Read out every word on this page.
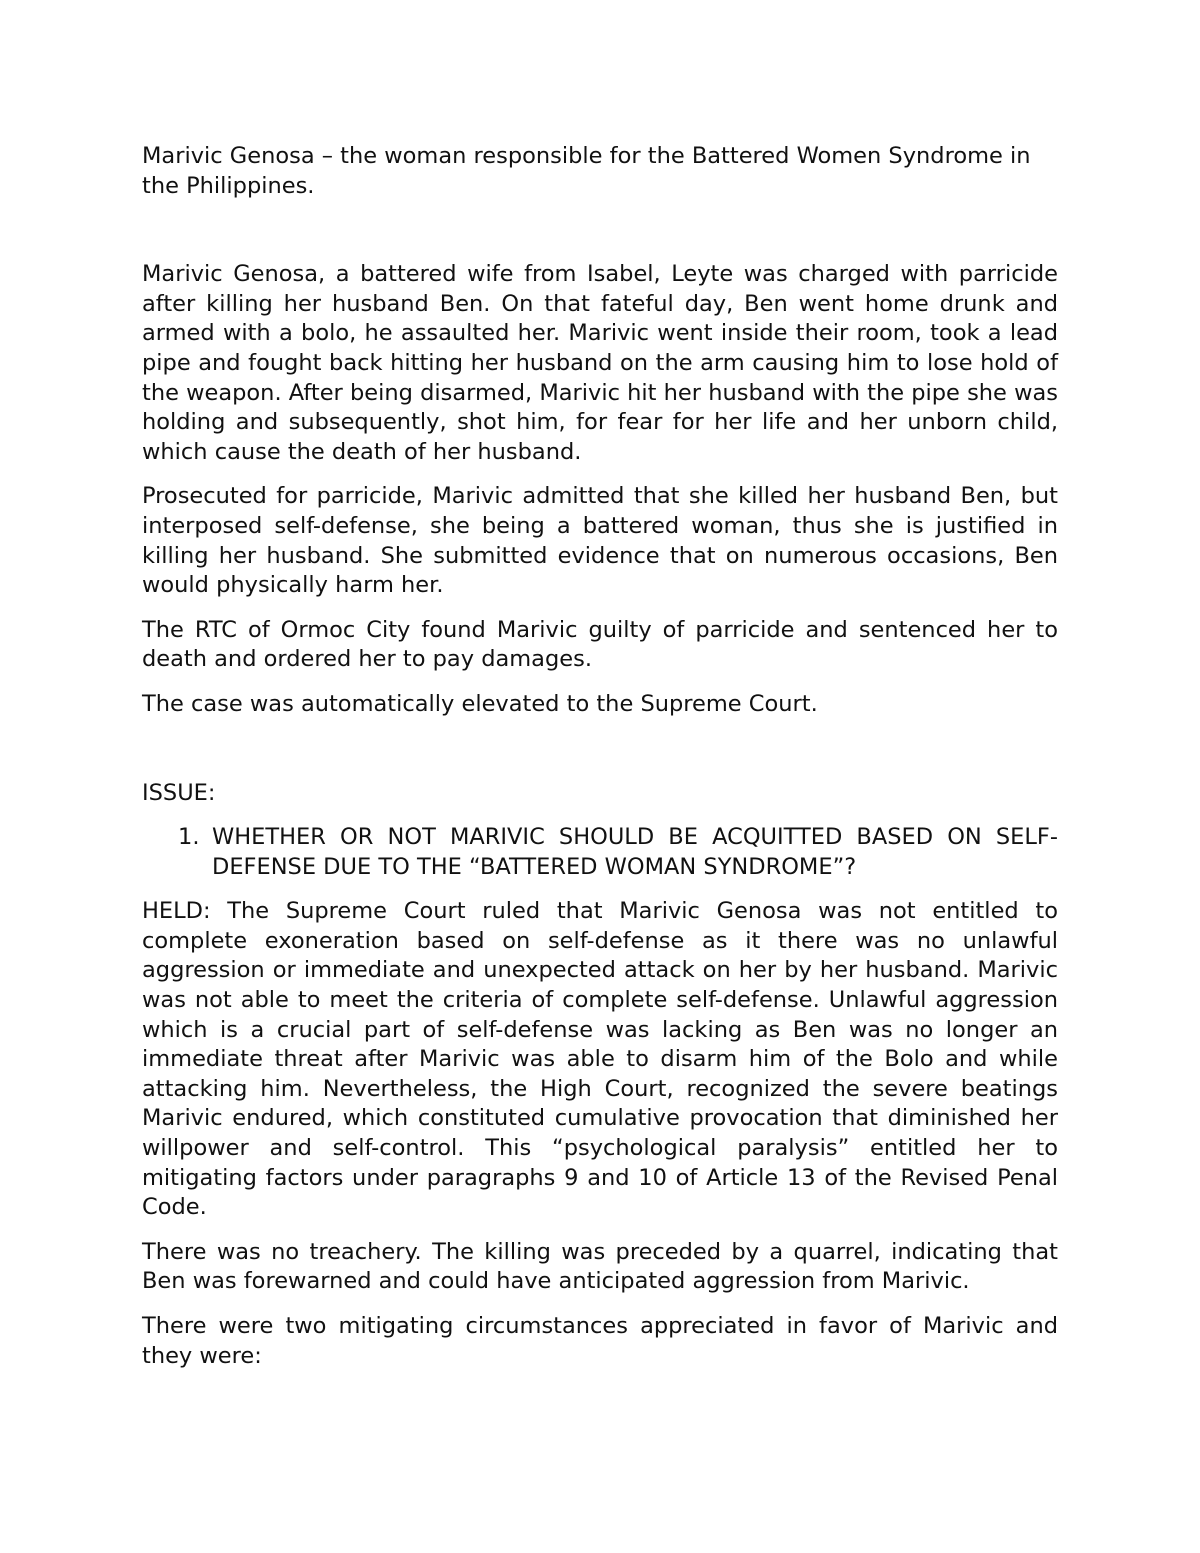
Marivic Genosa – the woman responsible for the Battered Women Syndrome in the Philippines.

Marivic Genosa, a battered wife from Isabel, Leyte was charged with parricide after killing her husband Ben. On that fateful day, Ben went home drunk and armed with a bolo, he assaulted her. Marivic went inside their room, took a lead pipe and fought back hitting her husband on the arm causing him to lose hold of the weapon. After being disarmed, Marivic hit her husband with the pipe she was holding and subsequently, shot him, for fear for her life and her unborn child, which cause the death of her husband.

Prosecuted for parricide, Marivic admitted that she killed her husband Ben, but interposed self-defense, she being a battered woman, thus she is justified in killing her husband. She submitted evidence that on numerous occasions, Ben would physically harm her.

The RTC of Ormoc City found Marivic guilty of parricide and sentenced her to death and ordered her to pay damages.

The case was automatically elevated to the Supreme Court.

ISSUE:

1. WHETHER OR NOT MARIVIC SHOULD BE ACQUITTED BASED ON SELF-DEFENSE DUE TO THE “BATTERED WOMAN SYNDROME”?

HELD: The Supreme Court ruled that Marivic Genosa was not entitled to complete exoneration based on self-defense as it there was no unlawful aggression or immediate and unexpected attack on her by her husband. Marivic was not able to meet the criteria of complete self-defense. Unlawful aggression which is a crucial part of self-defense was lacking as Ben was no longer an immediate threat after Marivic was able to disarm him of the Bolo and while attacking him. Nevertheless, the High Court, recognized the severe beatings Marivic endured, which constituted cumulative provocation that diminished her willpower and self-control. This “psychological paralysis” entitled her to mitigating factors under paragraphs 9 and 10 of Article 13 of the Revised Penal Code.

There was no treachery. The killing was preceded by a quarrel, indicating that Ben was forewarned and could have anticipated aggression from Marivic.

There were two mitigating circumstances appreciated in favor of Marivic and they were:
